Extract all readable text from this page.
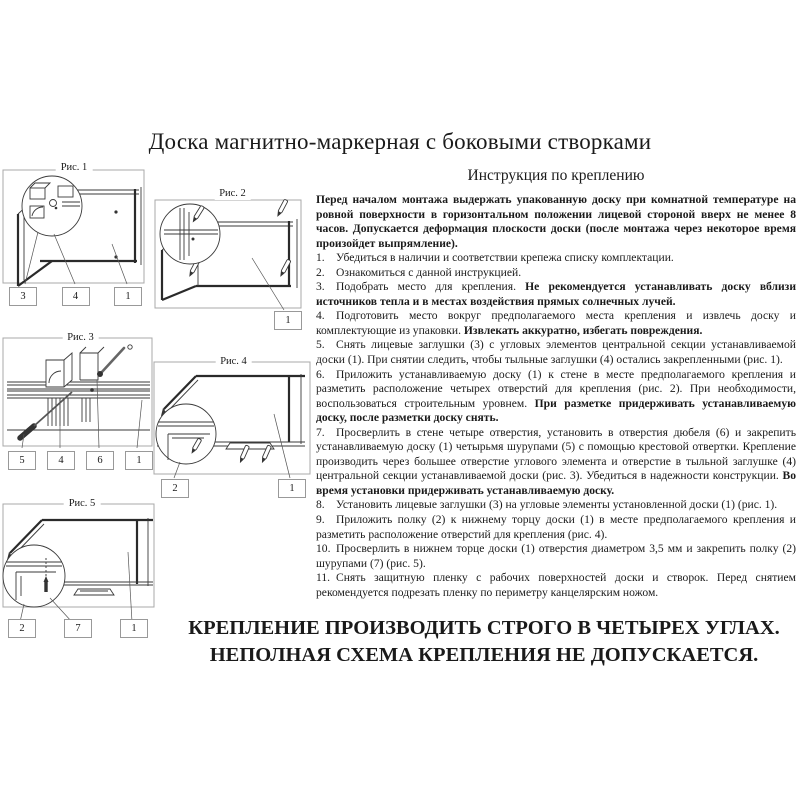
Доска магнитно-маркерная с боковыми створками
Рис. 1
3	4	1
Рис. 2
1
Рис. 3
5	4	6	1
Рис. 4
2	1
Рис. 5
2	7	1
Инструкция по креплению
Перед началом монтажа выдержать упакованную доску при комнатной температуре на ровной поверхности в горизонтальном положении лицевой стороной вверх не менее 8 часов. Допускается деформация плоскости доски (после монтажа через некоторое время произойдет выпрямление).
1. Убедиться в наличии и соответствии крепежа списку комплектации.
2. Ознакомиться с данной инструкцией.
3. Подобрать место для крепления. Не рекомендуется устанавливать доску вблизи источников тепла и в местах воздействия прямых солнечных лучей.
4. Подготовить место вокруг предполагаемого места крепления и извлечь доску и комплектующие из упаковки. Извлекать аккуратно, избегать повреждения.
5. Снять лицевые заглушки (3) с угловых элементов центральной секции устанавливаемой доски (1). При снятии следить, чтобы тыльные заглушки (4) остались закрепленными (рис. 1).
6. Приложить устанавливаемую доску (1) к стене в месте предполагаемого крепления и разметить расположение четырех отверстий для крепления (рис. 2). При необходимости, воспользоваться строительным уровнем. При разметке придерживать устанавливаемую доску, после разметки доску снять.
7. Просверлить в стене четыре отверстия, установить в отверстия дюбеля (6) и закрепить устанавливаемую доску (1) четырьмя шурупами (5) с помощью крестовой отвертки. Крепление производить через большее отверстие углового элемента и отверстие в тыльной заглушке (4) центральной секции устанавливаемой доски (рис. 3). Убедиться в надежности конструкции. Во время установки придерживать устанавливаемую доску.
8. Установить лицевые заглушки (3) на угловые элементы установленной доски (1) (рис. 1).
9. Приложить полку (2) к нижнему торцу доски (1) в месте предполагаемого крепления и разметить расположение отверстий для крепления (рис. 4).
10. Просверлить в нижнем торце доски (1) отверстия диаметром 3,5 мм и закрепить полку (2) шурупами (7) (рис. 5).
11. Снять защитную пленку с рабочих поверхностей доски и створок. Перед снятием рекомендуется подрезать пленку по периметру канцелярским ножом.
КРЕПЛЕНИЕ ПРОИЗВОДИТЬ СТРОГО В ЧЕТЫРЕХ УГЛАХ.
НЕПОЛНАЯ СХЕМА КРЕПЛЕНИЯ НЕ ДОПУСКАЕТСЯ.
